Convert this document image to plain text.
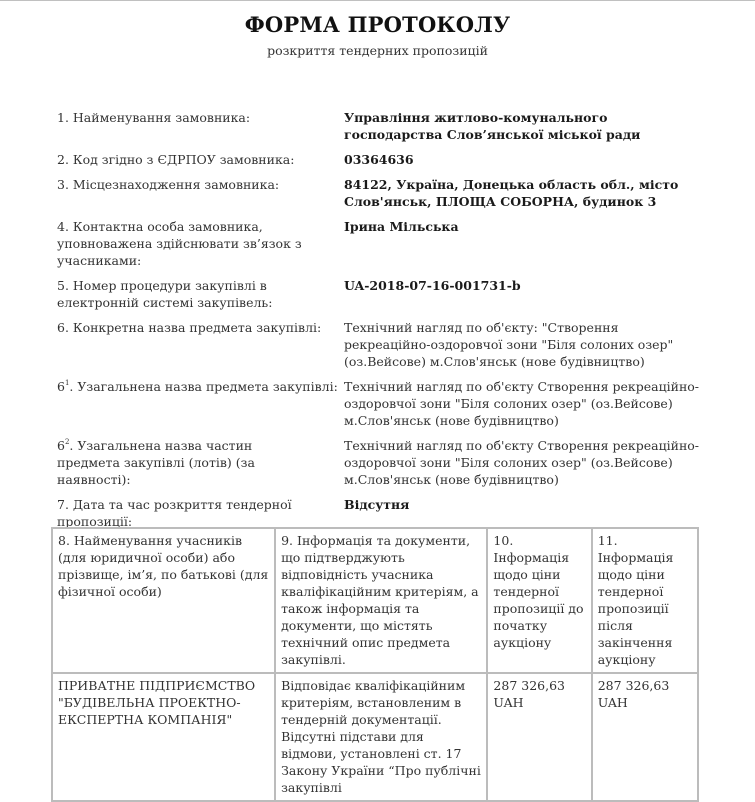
ФОРМА ПРОТОКОЛУ
розкриття тендерних пропозицій
1. Найменування замовника:	Управління житлово-комунального господарства Слов’янської міської ради
2. Код згідно з ЄДРПОУ замовника:	03364636
3. Місцезнаходження замовника:	84122, Україна, Донецька область обл., місто Слов'янськ, ПЛОЩА СОБОРНА, будинок 3
4. Контактна особа замовника, уповноважена здійснювати зв’язок з учасниками:
Ірина Мільська
5. Номер процедури закупівлі в електронній системі закупівель:
UA-2018-07-16-001731-b
6. Конкретна назва предмета закупівлі:	Технічний нагляд по об'єкту: "Створення рекреаційно-оздоровчої зони "Біля солоних озер" (оз.Вейсове) м.Слов'янськ (нове будівництво)
$6^1$. Узагальнена назва предмета закупівлі: Технічний нагляд по об'єкту Створення рекреаційно-оздоровчої зони "Біля солоних озер" (оз.Вейсове) м.Слов'янськ (нове будівництво)
$6^2$. Узагальнена назва частин предмета закупівлі (лотів) (за наявності):
Технічний нагляд по об'єкту Створення рекреаційно-оздоровчої зони "Біля солоних озер" (оз.Вейсове) м.Слов'янськ (нове будівництво)
7. Дата та час розкриття тендерної пропозиції:
Відсутня
8. Найменування учасників (для юридичної особи) або прізвище, ім’я, по батькові (для фізичної особи)	9. Інформація та документи, що підтверджують відповідність учасника кваліфікаційним критеріям, а також інформація та документи, що містять технічний опис предмета закупівлі.	10. Інформація щодо ціни тендерної пропозиції до початку аукціону	11. Інформація щодо ціни тендерної пропозиції після закінчення аукціону
ПРИВАТНЕ ПІДПРИЄМСТВО "БУДІВЕЛЬНА ПРОЕКТНО-ЕКСПЕРТНА КОМПАНІЯ"	Відповідає кваліфікаційним критеріям, встановленим в тендерній документації. Відсутні підстави для відмови, установлені ст. 17 Закону України “Про публічні закупівлі	287 326,63 UAH	287 326,63 UAH
